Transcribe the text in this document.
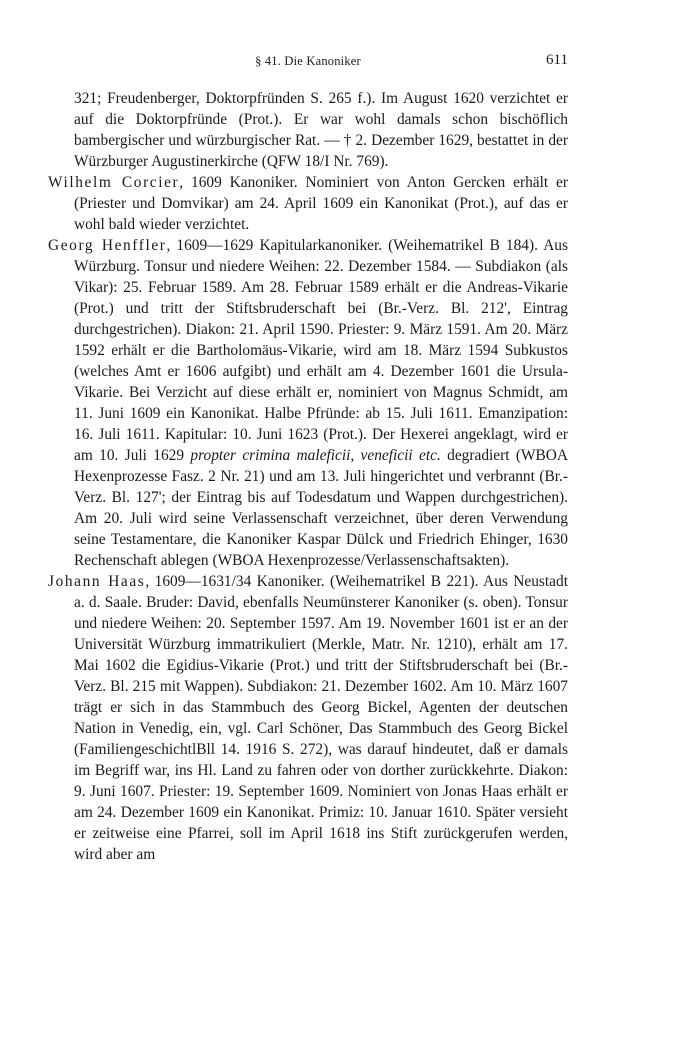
§ 41. Die Kanoniker	611
321; Freudenberger, Doktorpfründen S. 265 f.). Im August 1620 verzichtet er auf die Doktorpfründe (Prot.). Er war wohl damals schon bischöflich bambergischer und würzburgischer Rat. — † 2. Dezember 1629, bestattet in der Würzburger Augustinerkirche (QFW 18/I Nr. 769).
Wilhelm Corcier, 1609 Kanoniker. Nominiert von Anton Gercken erhält er (Priester und Domvikar) am 24. April 1609 ein Kanonikat (Prot.), auf das er wohl bald wieder verzichtet.
Georg Henffler, 1609—1629 Kapitularkanoniker. (Weihematrikel B 184). Aus Würzburg. Tonsur und niedere Weihen: 22. Dezember 1584. — Subdiakon (als Vikar): 25. Februar 1589. Am 28. Februar 1589 erhält er die Andreas-Vikarie (Prot.) und tritt der Stiftsbruderschaft bei (Br.-Verz. Bl. 212', Eintrag durchgestrichen). Diakon: 21. April 1590. Priester: 9. März 1591. Am 20. März 1592 erhält er die Bartholomäus-Vikarie, wird am 18. März 1594 Subkustos (welches Amt er 1606 aufgibt) und erhält am 4. Dezember 1601 die Ursula-Vikarie. Bei Verzicht auf diese erhält er, nominiert von Magnus Schmidt, am 11. Juni 1609 ein Kanonikat. Halbe Pfründe: ab 15. Juli 1611. Emanzipation: 16. Juli 1611. Kapitular: 10. Juni 1623 (Prot.). Der Hexerei angeklagt, wird er am 10. Juli 1629 propter crimina maleficii, veneficii etc. degradiert (WBOA Hexenprozesse Fasz. 2 Nr. 21) und am 13. Juli hingerichtet und verbrannt (Br.-Verz. Bl. 127'; der Eintrag bis auf Todesdatum und Wappen durchgestrichen). Am 20. Juli wird seine Verlassenschaft verzeichnet, über deren Verwendung seine Testamentare, die Kanoniker Kaspar Dülck und Friedrich Ehinger, 1630 Rechenschaft ablegen (WBOA Hexenprozesse/Verlassenschaftsakten).
Johann Haas, 1609—1631/34 Kanoniker. (Weihematrikel B 221). Aus Neustadt a. d. Saale. Bruder: David, ebenfalls Neumünsterer Kanoniker (s. oben). Tonsur und niedere Weihen: 20. September 1597. Am 19. November 1601 ist er an der Universität Würzburg immatrikuliert (Merkle, Matr. Nr. 1210), erhält am 17. Mai 1602 die Egidius-Vikarie (Prot.) und tritt der Stiftsbruderschaft bei (Br.-Verz. Bl. 215 mit Wappen). Subdiakon: 21. Dezember 1602. Am 10. März 1607 trägt er sich in das Stammbuch des Georg Bickel, Agenten der deutschen Nation in Venedig, ein, vgl. Carl Schöner, Das Stammbuch des Georg Bickel (FamiliengeschichtlBll 14. 1916 S. 272), was darauf hindeutet, daß er damals im Begriff war, ins Hl. Land zu fahren oder von dorther zurückkehrte. Diakon: 9. Juni 1607. Priester: 19. September 1609. Nominiert von Jonas Haas erhält er am 24. Dezember 1609 ein Kanonikat. Primiz: 10. Januar 1610. Später versieht er zeitweise eine Pfarrei, soll im April 1618 ins Stift zurückgerufen werden, wird aber am
